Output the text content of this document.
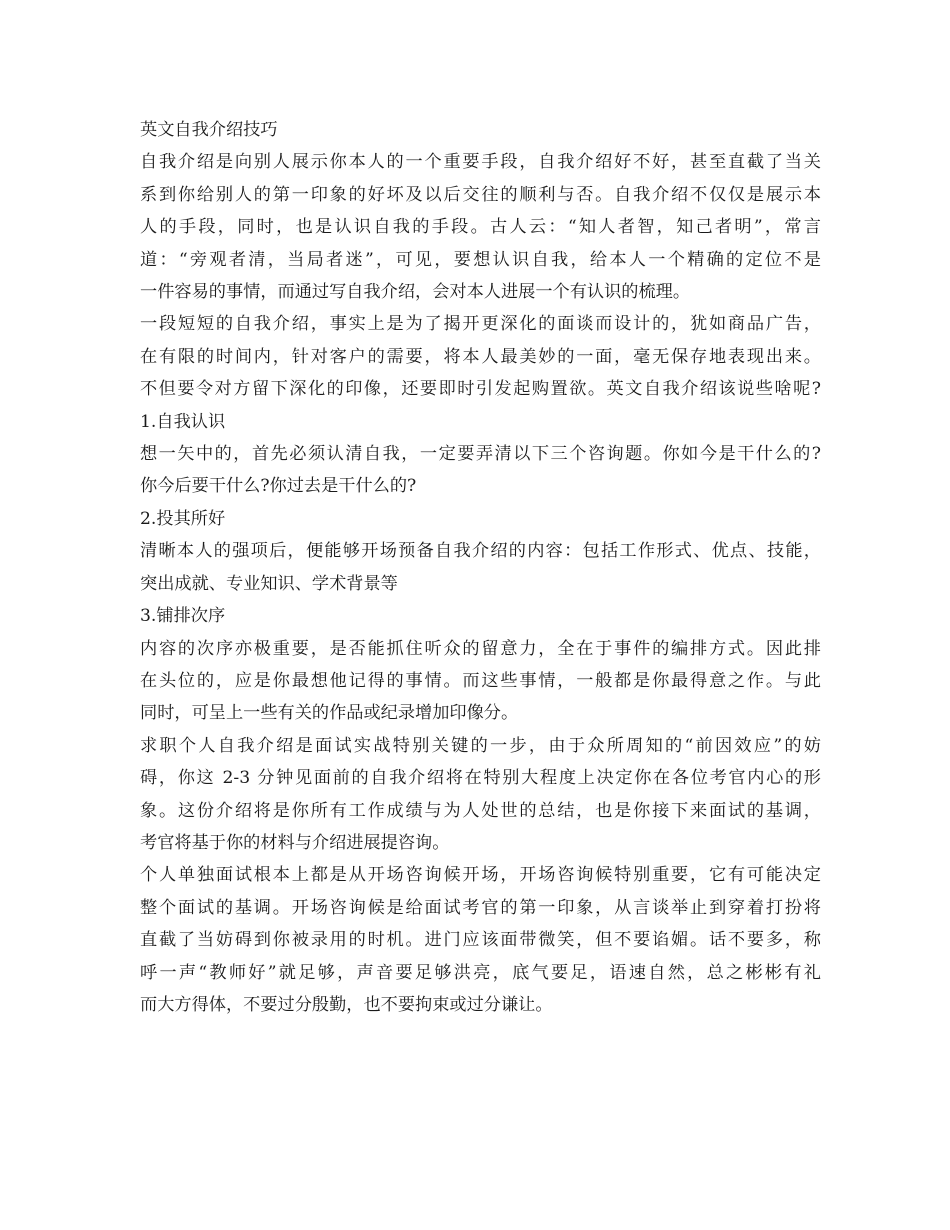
英文自我介绍技巧
自我介绍是向别人展示你本人的一个重要手段，自我介绍好不好，甚至直截了当关
系到你给别人的第一印象的好坏及以后交往的顺利与否。自我介绍不仅仅是展示本
人的手段，同时，也是认识自我的手段。古人云：“知人者智，知己者明”，常言
道：“旁观者清，当局者迷”，可见，要想认识自我，给本人一个精确的定位不是
一件容易的事情，而通过写自我介绍，会对本人进展一个有认识的梳理。
一段短短的自我介绍，事实上是为了揭开更深化的面谈而设计的，犹如商品广告，
在有限的时间内，针对客户的需要，将本人最美妙的一面，毫无保存地表现出来。
不但要令对方留下深化的印像，还要即时引发起购置欲。英文自我介绍该说些啥呢?
1.自我认识
想一矢中的，首先必须认清自我，一定要弄清以下三个咨询题。你如今是干什么的?
你今后要干什么?你过去是干什么的?
2.投其所好
清晰本人的强项后，便能够开场预备自我介绍的内容：包括工作形式、优点、技能，
突出成就、专业知识、学术背景等
3.铺排次序
内容的次序亦极重要，是否能抓住听众的留意力，全在于事件的编排方式。因此排
在头位的，应是你最想他记得的事情。而这些事情，一般都是你最得意之作。与此
同时，可呈上一些有关的作品或纪录增加印像分。
求职个人自我介绍是面试实战特别关键的一步，由于众所周知的“前因效应”的妨
碍，你这 2-3 分钟见面前的自我介绍将在特别大程度上决定你在各位考官内心的形
象。这份介绍将是你所有工作成绩与为人处世的总结，也是你接下来面试的基调，
考官将基于你的材料与介绍进展提咨询。
个人单独面试根本上都是从开场咨询候开场，开场咨询候特别重要，它有可能决定
整个面试的基调。开场咨询候是给面试考官的第一印象，从言谈举止到穿着打扮将
直截了当妨碍到你被录用的时机。进门应该面带微笑，但不要谄媚。话不要多，称
呼一声“教师好”就足够，声音要足够洪亮，底气要足，语速自然，总之彬彬有礼
而大方得体，不要过分殷勤，也不要拘束或过分谦让。
